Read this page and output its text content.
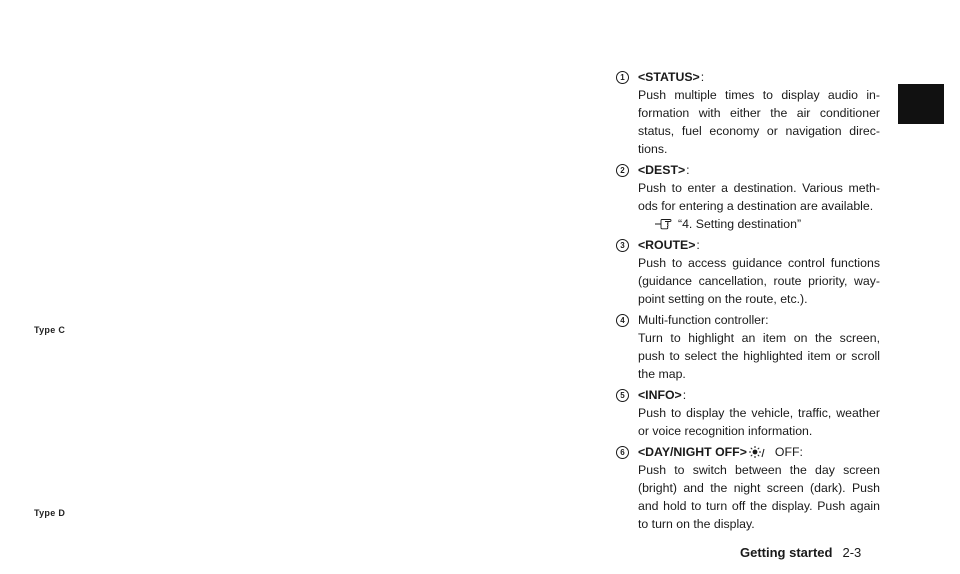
Type C
Type D
1	<STATUS> :
Push multiple times to display audio in-formation with either the air conditioner status, fuel economy or navigation direc-tions.
2	<DEST> :
Push to enter a destination. Various meth-ods for entering a destination are available.
“4. Setting destination”
3	<ROUTE> :
Push to access guidance control functions (guidance cancellation, route priority, way-point setting on the route, etc.).
4	Multi-function controller:
Turn to highlight an item on the screen, push to select the highlighted item or scroll the map.
5	<INFO> :
Push to display the vehicle, traffic, weather or voice recognition information.
6	<DAY/NIGHT OFF> OFF:
Push to switch between the day screen (bright) and the night screen (dark). Push and hold to turn off the display. Push again to turn on the display.
Getting started 2-3
